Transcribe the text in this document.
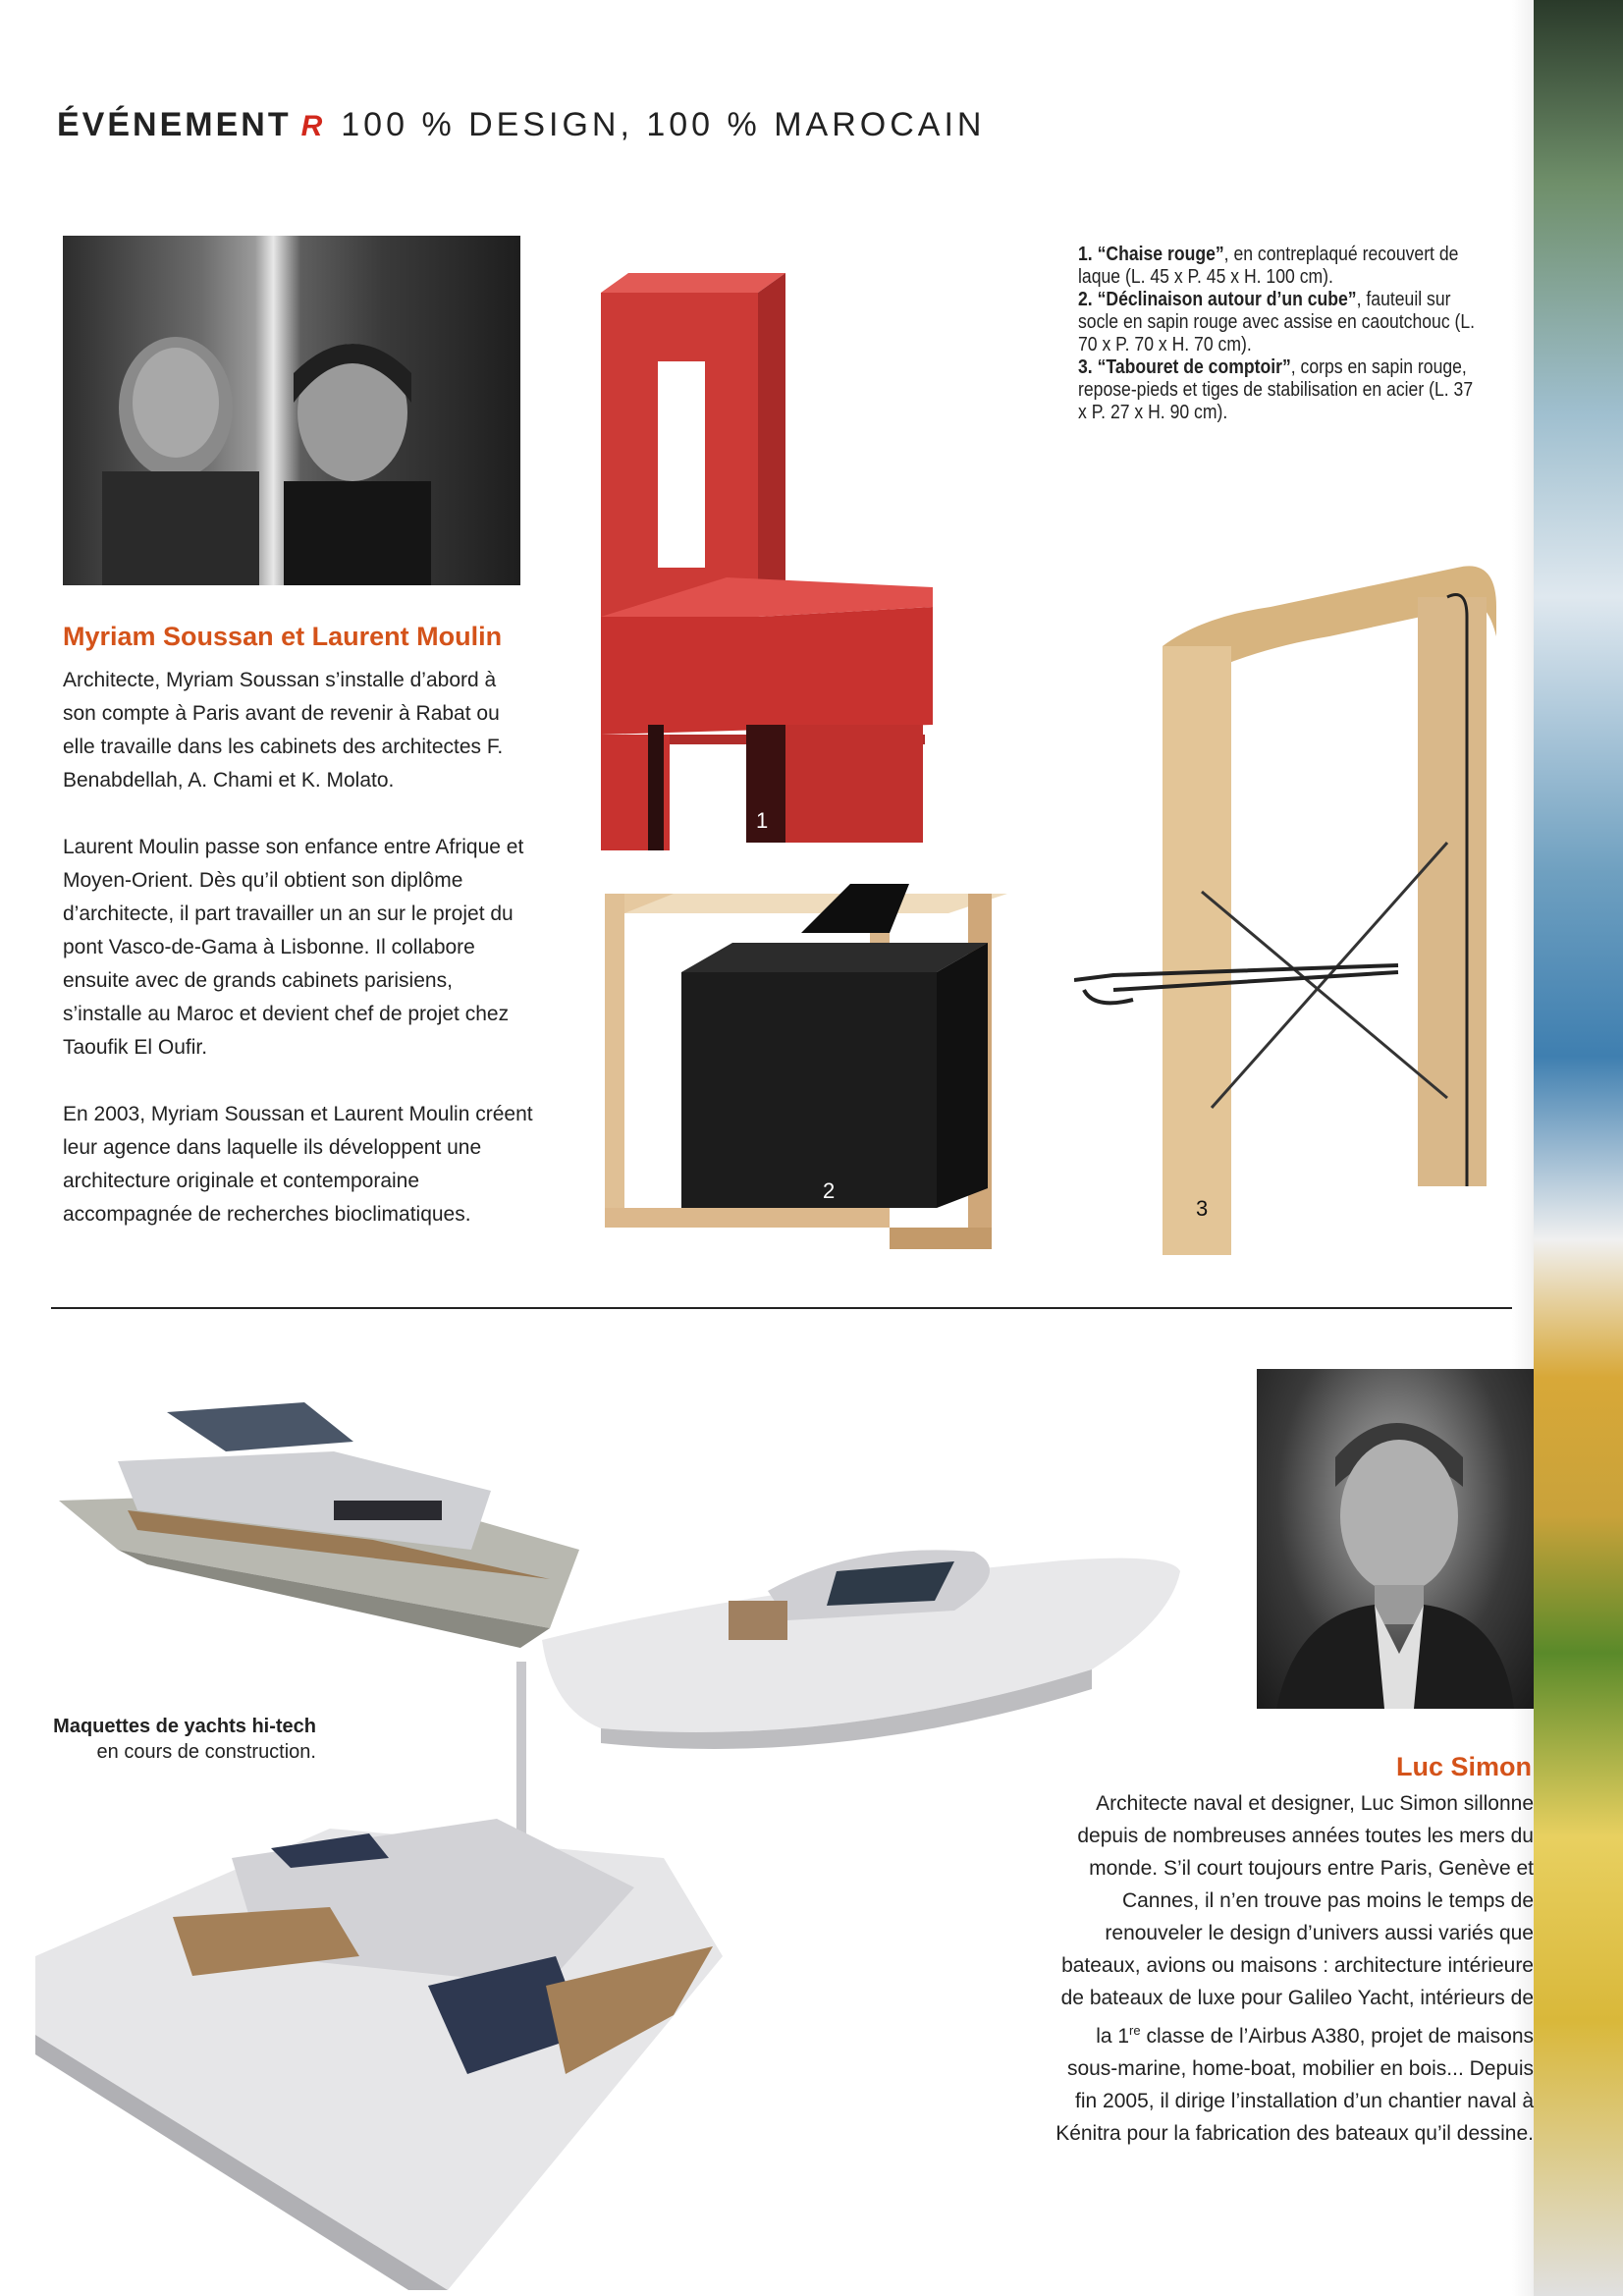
ÉVÉNEMENT R 100 % DESIGN, 100 % MAROCAIN
1
2
3

1. “Chaise rouge”, en contreplaqué recouvert de laque (L. 45 x P. 45 x H. 100 cm).

2. “Déclinaison autour d’un cube”, fauteuil sur socle en sapin rouge avec assise en caoutchouc (L. 70 x P. 70 x H. 70 cm).

3. “Tabouret de comptoir”, corps en sapin rouge, repose-pieds et tiges de stabilisation en acier (L. 37 x P. 27 x H. 90 cm).

Myriam Soussan et Laurent Moulin

Architecte, Myriam Soussan s’installe d’abord à son compte à Paris avant de revenir à Rabat ou elle travaille dans les cabinets des architectes F. Benabdellah, A. Chami et K. Molato.

Laurent Moulin passe son enfance entre Afrique et Moyen-Orient. Dès qu’il obtient son diplôme d’architecte, il part travailler un an sur le projet du pont Vasco-de-Gama à Lisbonne. Il collabore ensuite avec de grands cabinets parisiens, s’installe au Maroc et devient chef de projet chez Taoufik El Oufir.

En 2003, Myriam Soussan et Laurent Moulin créent leur agence dans laquelle ils développent une architecture originale et contemporaine accompagnée de recherches bioclimatiques.

Maquettes de yachts hi-tech en cours de construction.	Luc Simon
Architecte naval et designer, Luc Simon sillonne depuis de nombreuses années toutes les mers du monde. S’il court toujours entre Paris, Genève et Cannes, il n’en trouve pas moins le temps de renouveler le design d’univers aussi variés que bateaux, avions ou maisons : architecture intérieure de bateaux de luxe pour Galileo Yacht, intérieurs de la 1re classe de l’Airbus A380, projet de maisons sous-marine, home-boat, mobilier en bois... Depuis fin 2005, il dirige l’installation d’un chantier naval à Kénitra pour la fabrication des bateaux qu’il dessine.
